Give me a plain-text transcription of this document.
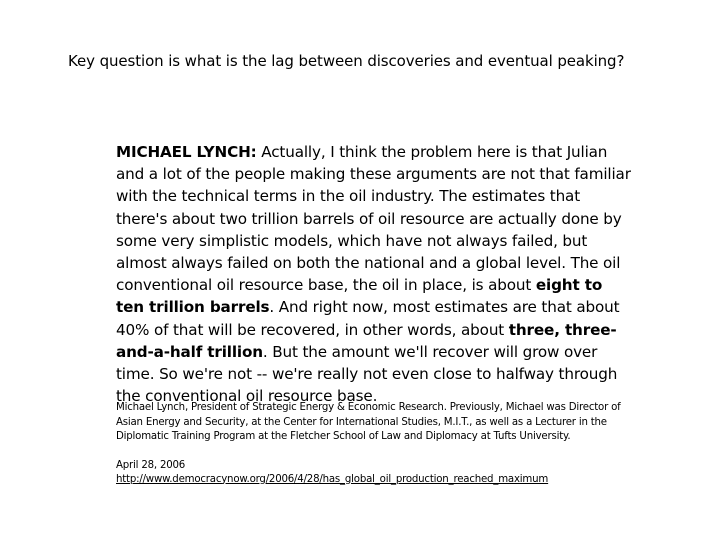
Key question is what is the lag between discoveries and eventual peaking?
MICHAEL LYNCH: Actually, I think the problem here is that Julian and a lot of the people making these arguments are not that familiar with the technical terms in the oil industry. The estimates that there's about two trillion barrels of oil resource are actually done by some very simplistic models, which have not always failed, but almost always failed on both the national and a global level. The oil conventional oil resource base, the oil in place, is about eight to ten trillion barrels. And right now, most estimates are that about 40% of that will be recovered, in other words, about three, three-and-a-half trillion. But the amount we'll recover will grow over time. So we're not -- we're really not even close to halfway through the conventional oil resource base.
Michael Lynch, President of Strategic Energy & Economic Research. Previously, Michael was Director of Asian Energy and Security, at the Center for International Studies, M.I.T., as well as a Lecturer in the Diplomatic Training Program at the Fletcher School of Law and Diplomacy at Tufts University.
April 28, 2006
http://www.democracynow.org/2006/4/28/has_global_oil_production_reached_maximum
